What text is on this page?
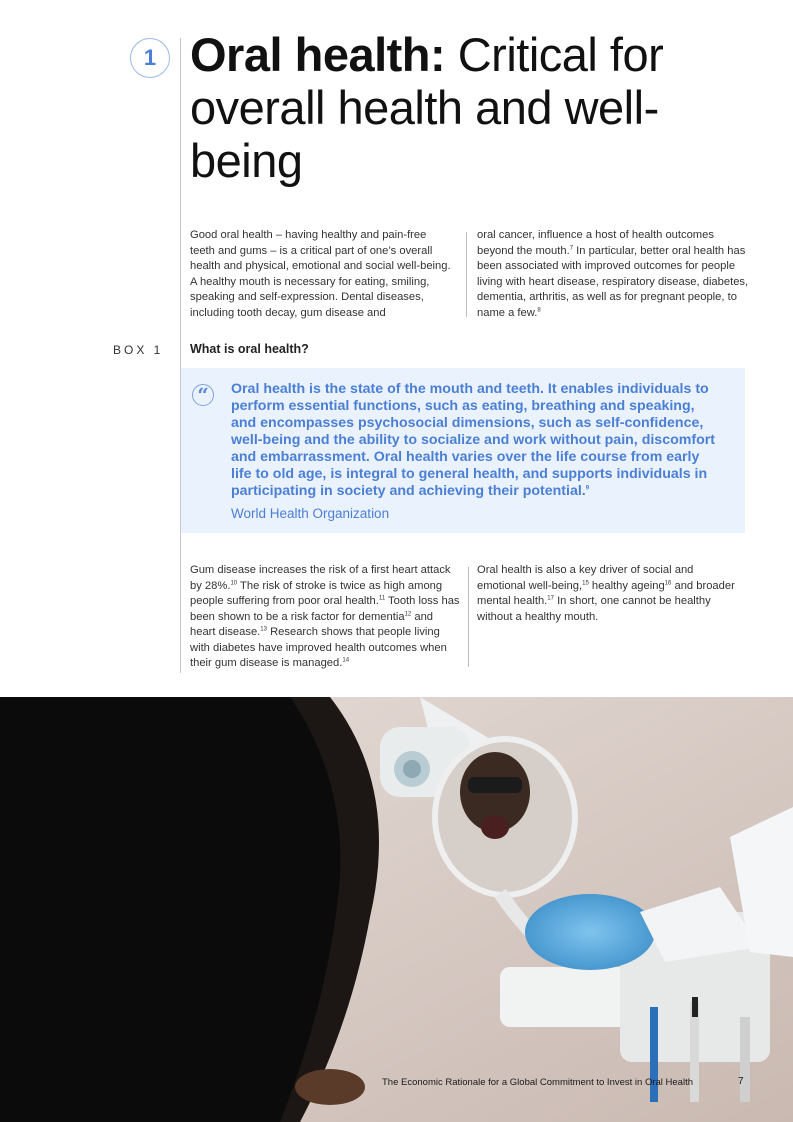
1 Oral health: Critical for overall health and well-being

Good oral health – having healthy and pain-free teeth and gums – is a critical part of one’s overall health and physical, emotional and social well-being. A healthy mouth is necessary for eating, smiling, speaking and self-expression. Dental diseases, including tooth decay, gum disease and

oral cancer, influence a host of health outcomes beyond the mouth.$^7$ In particular, better oral health has been associated with improved outcomes for people living with heart disease, respiratory disease, diabetes, dementia, arthritis, as well as for pregnant people, to name a few.$^8$

BOX 1 What is oral health?
“ Oral health is the state of the mouth and teeth. It enables individuals to perform essential functions, such as eating, breathing and speaking, and encompasses psychosocial dimensions, such as self-confidence, well-being and the ability to socialize and work without pain, discomfort and embarrassment. Oral health varies over the life course from early life to old age, is integral to general health, and supports individuals in participating in society and achieving their potential.$^9$

World Health Organization

Gum disease increases the risk of a first heart attack by 28%.$^{10}$ The risk of stroke is twice as high among people suffering from poor oral health.$^{11}$ Tooth loss has been shown to be a risk factor for dementia$^{12}$ and heart disease.$^{13}$ Research shows that people living with diabetes have improved health outcomes when their gum disease is managed.$^{14}$

Oral health is also a key driver of social and emotional well-being,$^{15}$ healthy ageing$^{16}$ and broader mental health.$^{17}$ In short, one cannot be healthy without a healthy mouth.

The Economic Rationale for a Global Commitment to Invest in Oral Health	7
